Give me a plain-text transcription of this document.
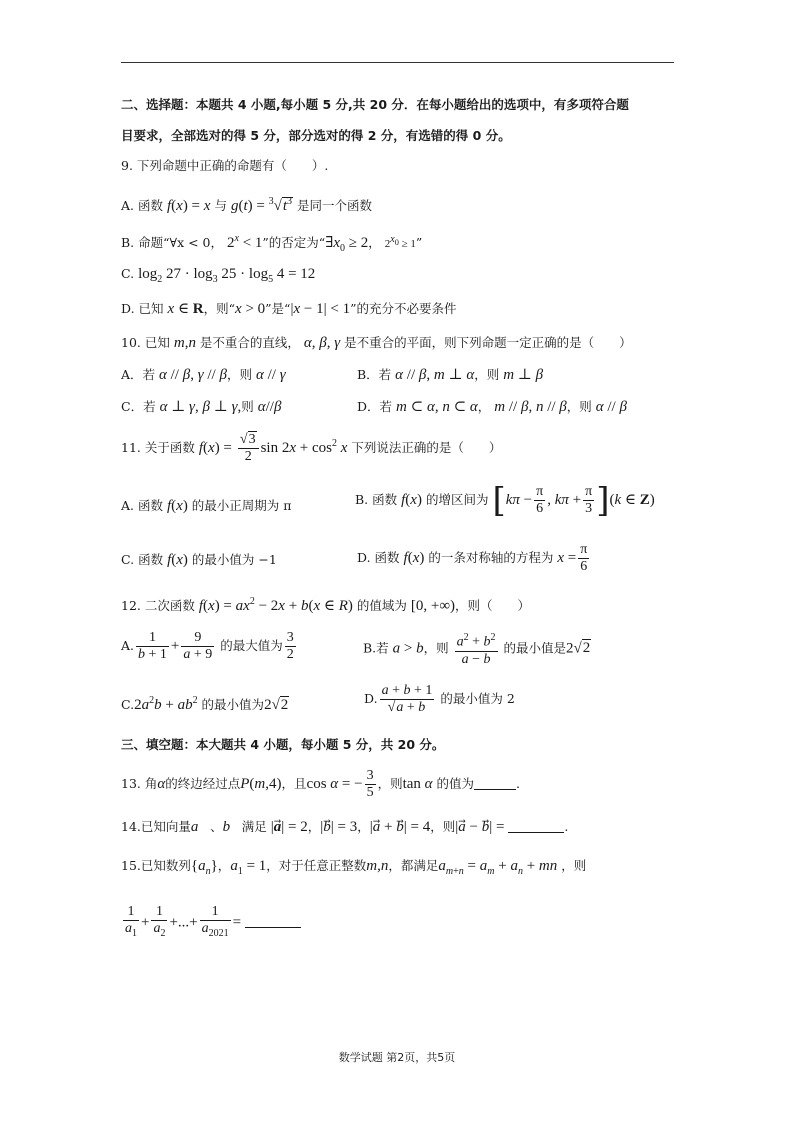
二、选择题：本题共 4 小题,每小题 5 分,共 20 分．在每小题给出的选项中，有多项符合题
目要求，全部选对的得 5 分，部分选对的得 2 分，有选错的得 0 分。
9. 下列命题中正确的命题有（　　）.
A. 函数 f(x) = x 与 $g(t) = ^3√t^3$ 是同一个函数
B. 命题“∀x < 0， $2^x < 1$”的否定为“$\exists x_0 \ge 2$， $2^{x_0} \ge 1$”
C. $\log_2 27 \cdot \log_3 25 \cdot \log_5 4 = 12$
D. 已知 x ∈ R，则“x > 0”是“|x − 1| < 1”的充分不必要条件
10. 已知 m,n 是不重合的直线， α, β, γ 是不重合的平面，则下列命题一定正确的是（　　）
A．若 α // β, γ // β，则 α // γ	B．若 α // β, m ⊥ α，则 m ⊥ β
C．若 α ⊥ γ, β ⊥ γ,则 α//β	D．若 m ⊂ α, n ⊂ α， m // β, n // β，则 α // β
11. 关于函数 $f(x) = \frac{√3}{2}$ $\sin 2x + \cos^2 x$ 下列说法正确的是（　　）
A. 函数 f(x) 的最小正周期为 π	B. 函数 f(x) 的增区间为 [$k\pi - \frac{\pi}{6}$ , $k\pi + \frac{\pi}{3} ](k$ ∈ Z)
C. 函数 f(x) 的最小值为 −1	D. 函数 f(x) 的一条对称轴的方程为 $x = \frac{\pi}{6}$
12. 二次函数 $f(x) = ax^2 - 2x + b(x$ ∈ R) 的值域为 [0, +∞)，则（　　）
A. $\frac{1}{b + 1} + \frac{9}{a + 9}$ 的最大值为 $\frac{3}{2}$	B.若 a > b，则 $\frac{a^2 + b^2}{a - b}$ 的最小值是2√2
$C.2a^2b + ab^2$ 的最小值为2√2	D. $\frac{a + b + 1}{√a + b}$ 的最小值为 2
三、填空题：本大题共 4 小题，每小题 5 分，共 20 分。
13. 角α的终边经过点P(m,4)，且cos α = − $\frac{3}{5}$ ，则tan α 的值为	.
14.已知向量a⃗、b⃗满足 |a⃗| = 2，|b⃗| = 3，|a⃗ + b⃗| = 4，则|a⃗ − b⃗| =	.
15.已知数列$\{a_n\}$，$a_1 = 1$，对于任意正整数m,n，都满足$a_{m+n} = a_m + a_n$ + mn ，则
$\frac{1}{a_1} + \frac{1}{a_2}$ +...+ $\frac{1}{a_{2021}}$ =
数学试题 第2页，共5页
